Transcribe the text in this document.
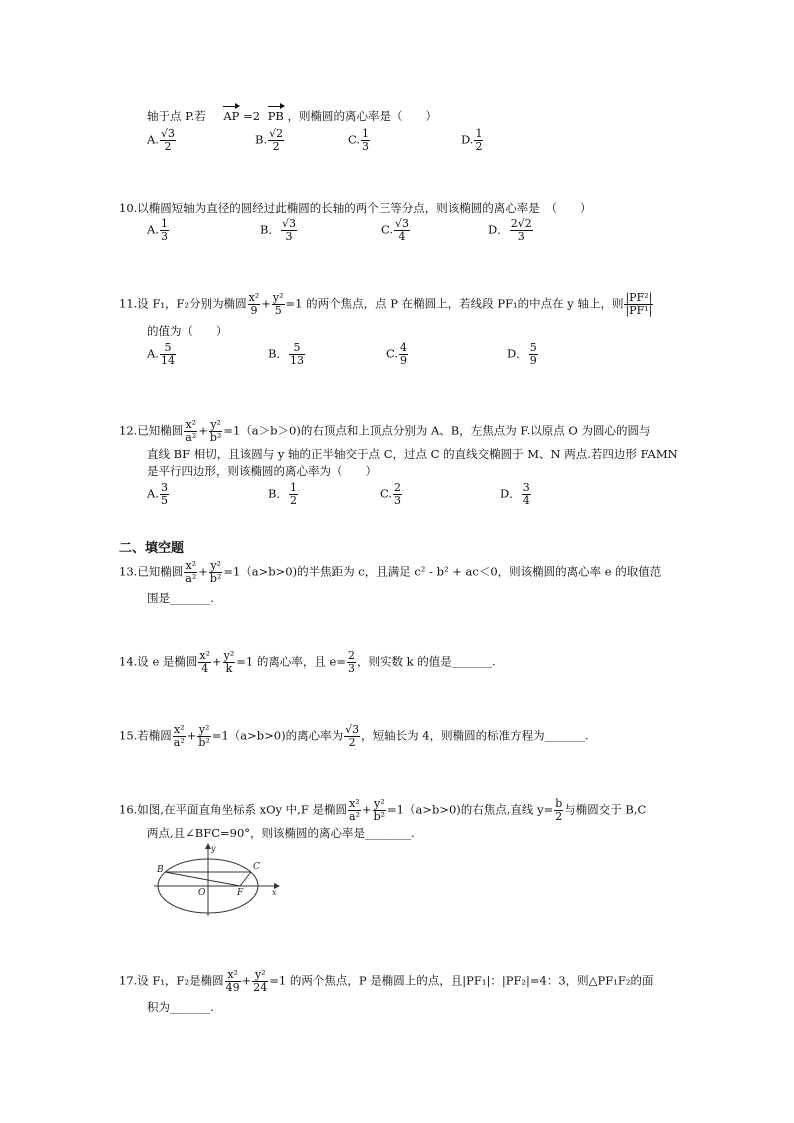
轴于点 P.若 AP =2 PB ，则椭圆的离心率是（　　）
A. $\frac{√3}{2}$	B. $\frac{√2}{2}$	C. $\frac{1}{3}$	D. $\frac{1}{2}$
10.以椭圆短轴为直径的圆经过此椭圆的长轴的两个三等分点，则该椭圆的离心率是　（　　）
A. $\frac{1}{3}$	B． $\frac{√3}{3}$	C. $\frac{√3}{4}$	D． $\frac{2√2}{3}$
11.设 F₁，F₂分别为椭圆 $\frac{\text{x²}}{9} + \frac{\text{y²}}{5} =1$ 的两个焦点，点 P 在椭圆上，若线段 PF₁的中点在 y 轴上，则 $\frac{\text{|PF²|}}{\text{|PF¹|}}$
的值为（　　）
A. $\frac{5}{14}$	B． $\frac{5}{13}$	C. $\frac{4}{9}$	D． $\frac{5}{9}$
12.已知椭圆 $\frac{\text{x²}}{\text{a²}} + \frac{\text{y²}}{\text{b²}} =1(a>b>0)$的右顶点和上顶点分别为 A、B，左焦点为 F.以原点 O 为圆心的圆与
直线 BF 相切，且该圆与 y 轴的正半轴交于点 C，过点 C 的直线交椭圆于 M、N 两点.若四边形 FAMN
是平行四边形，则该椭圆的离心率为（　　）
A. $\frac{3}{5}$	B． $\frac{1}{2}$	C. $\frac{2}{3}$	D． $\frac{3}{4}$
二、填空题
13.已知椭圆 $\frac{\text{x²}}{\text{a²}} + \frac{\text{y²}}{\text{b²}} =1(a>b>0)$的半焦距为 c，且满足 c² - b² + ac＜0，则该椭圆的离心率 e 的取值范
围是_______.
14.设 e 是椭圆 $\frac{\text{x²}}{4} + \frac{\text{y²}}{k} =1$ 的离心率，且 $e= \frac{2}{3}$ ，则实数 k 的值是_______.
15.若椭圆 $\frac{\text{x²}}{\text{a²}} + \frac{\text{y²}}{\text{b²}} =1(a>b>0)$的离心率为 $\frac{√3}{2}$ ，短轴长为 4，则椭圆的标准方程为_______.
16.如图,在平面直角坐标系 xOy 中,F 是椭圆 $\frac{\text{x²}}{\text{a²}} + \frac{\text{y²}}{\text{b²}} =1(a>b>0)$的右焦点,直线 $y= \frac{b}{2}$ 与椭圆交于 B,C
两点,且∠BFC=90°，则该椭圆的离心率是________.
B	C
O	F	x
y
17.设 F₁，F₂是椭圆 $\frac{\text{x²}}{49} + \frac{\text{y²}}{24} =1$ 的两个焦点，P 是椭圆上的点，且|PF₁|：|PF₂|=4：3，则△PF₁F₂的面
积为_______.
